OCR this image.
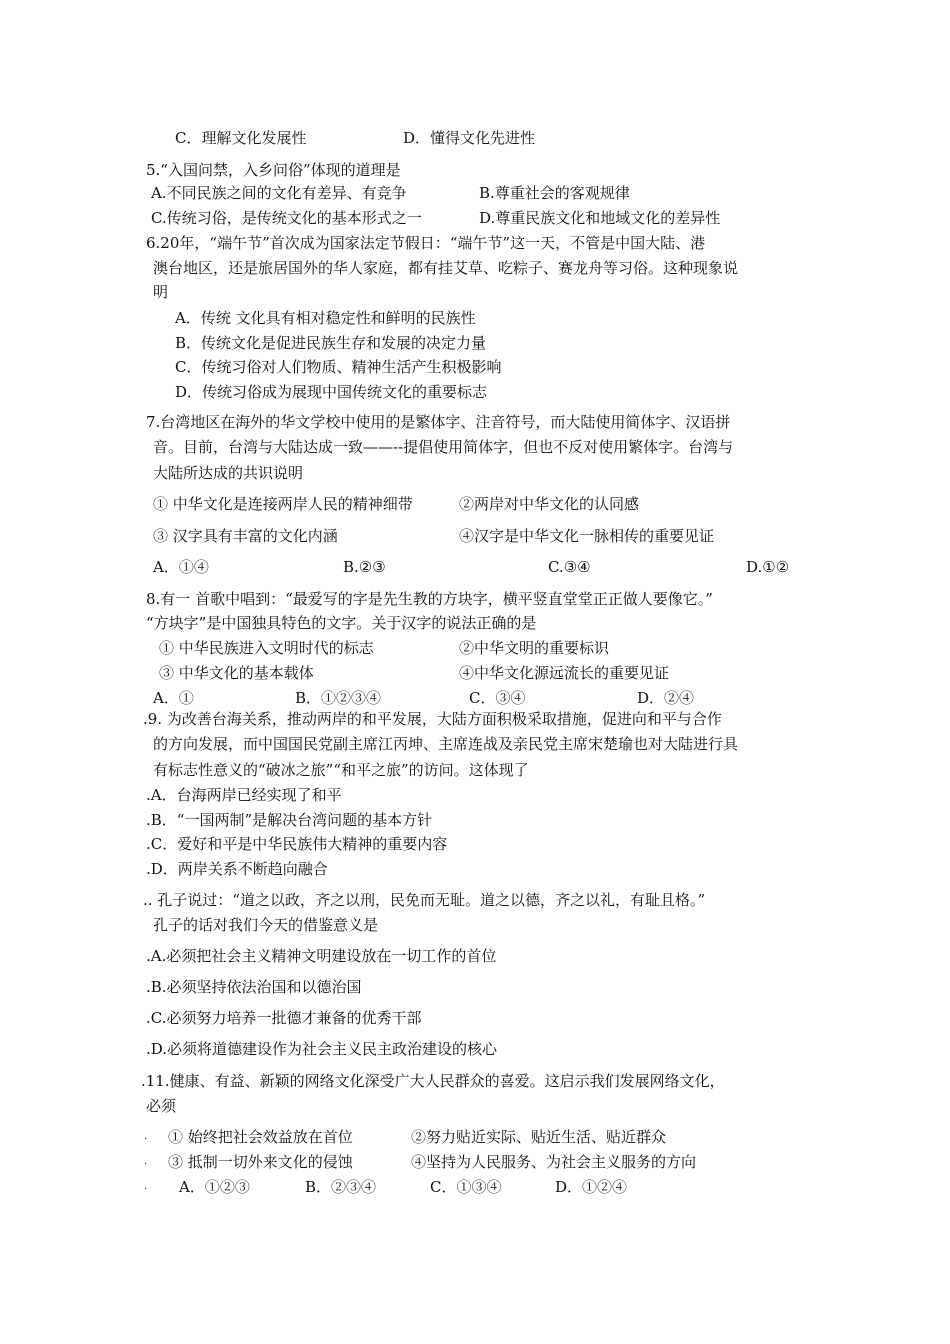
C．理解文化发展性	D．懂得文化先进性
5.“入国问禁，入乡问俗”体现的道理是
A.不同民族之间的文化有差异、有竞争	B.尊重社会的客观规律
C.传统习俗，是传统文化的基本形式之一	D.尊重民族文化和地域文化的差异性
6.20年，“端午节”首次成为国家法定节假日：“端午节”这一天，不管是中国大陆、港
澳台地区，还是旅居国外的华人家庭，都有挂艾草、吃粽子、赛龙舟等习俗。这种现象说
明
A．传统 文化具有相对稳定性和鲜明的民族性
B．传统文化是促进民族生存和发展的决定力量
C．传统习俗对人们物质、精神生活产生积极影响
D．传统习俗成为展现中国传统文化的重要标志
7.台湾地区在海外的华文学校中使用的是繁体字、注音符号，而大陆使用简体字、汉语拼
音。目前，台湾与大陆达成一致——--提倡使用简体字，但也不反对使用繁体字。台湾与
大陆所达成的共识说明
① 中华文化是连接两岸人民的精神细带	②两岸对中华文化的认同感
③ 汉字具有丰富的文化内涵	④汉字是中华文化一脉相传的重要见证
A．①④	B.②③	C.③④	D.①②
8.有一 首歌中唱到：“最爱写的字是先生教的方块字，横平竖直堂堂正正做人要像它。”
“方块字”是中国独具特色的文字。关于汉字的说法正确的是
① 中华民族进入文明时代的标志	②中华文明的重要标识
③ 中华文化的基本载体	④中华文化源远流长的重要见证
A．①	B．①②③④	C．③④	D．②④
.9. 为改善台海关系，推动两岸的和平发展，大陆方面积极采取措施，促进向和平与合作
的方向发展，而中国国民党副主席江丙坤、主席连战及亲民党主席宋楚瑜也对大陆进行具
有标志性意义的“破冰之旅”“和平之旅”的访问。这体现了
.A．台海两岸已经实现了和平
.B．“一国两制”是解决台湾问题的基本方针
.C．爱好和平是中华民族伟大精神的重要内容
.D．两岸关系不断趋向融合
.. 孔子说过：“道之以政，齐之以刑，民免而无耻。道之以德，齐之以礼，有耻且格。”
孔子的话对我们今天的借鉴意义是
.A.必须把社会主义精神文明建设放在一切工作的首位
.B.必须坚持依法治国和以德治国
.C.必须努力培养一批德才兼备的优秀干部
.D.必须将道德建设作为社会主义民主政治建设的核心
.11.健康、有益、新颖的网络文化深受广大人民群众的喜爱。这启示我们发展网络文化，
必须
. ① 始终把社会效益放在首位	②努力贴近实际、贴近生活、贴近群众
. ③ 抵制一切外来文化的侵蚀	④坚持为人民服务、为社会主义服务的方向
. A．①②③	B．②③④	C．①③④	D．①②④
